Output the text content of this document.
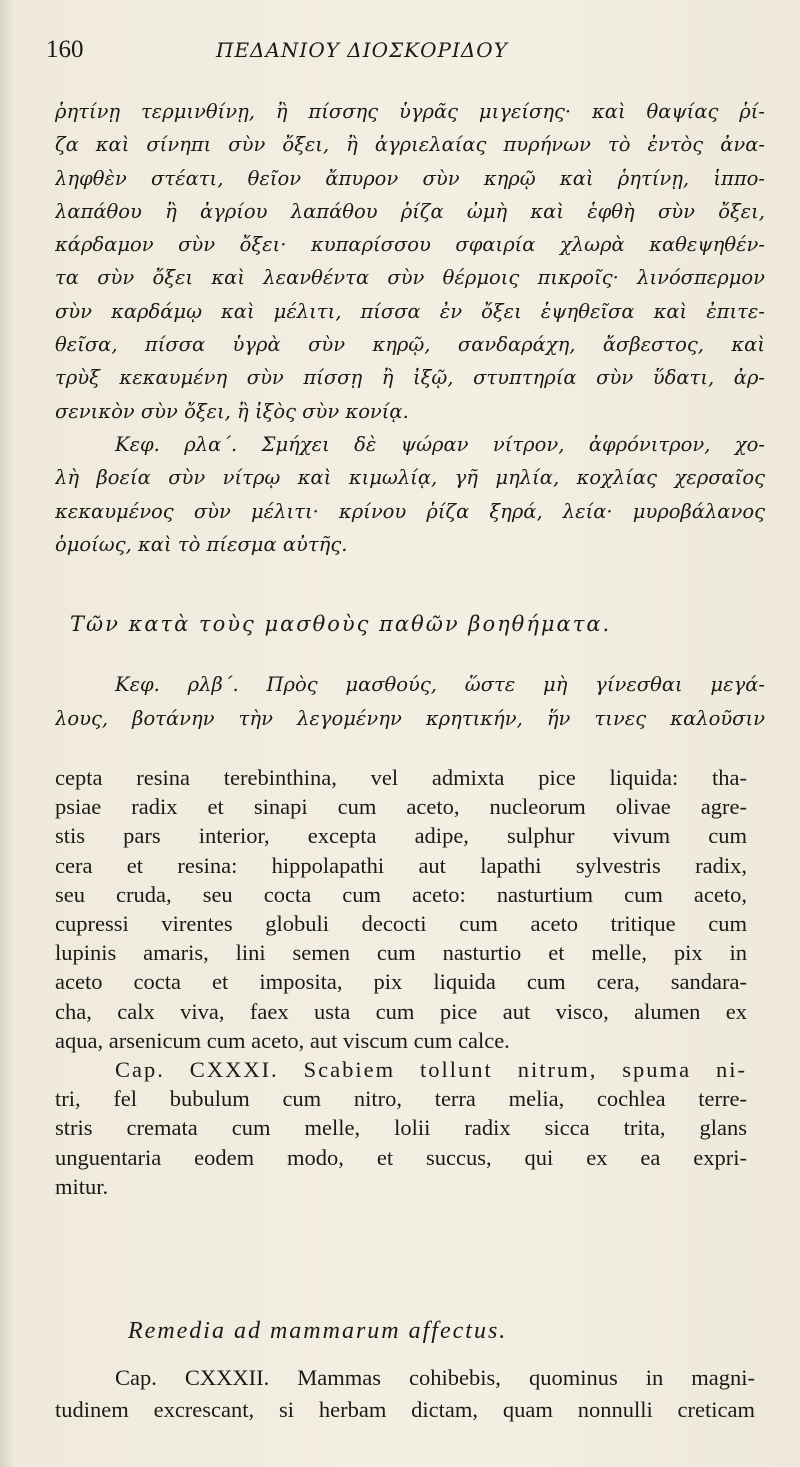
160	ΠΕΔΑΝΙΟΥ ΔΙΟΣΚΟΡΙΔΟΥ
ῥητίνῃ τερμινθίνῃ, ἢ πίσσης ὑγρᾶς μιγείσης· καὶ θαψίας ῥί-
ζα καὶ σίνηπι σὺν ὄξει, ἢ ἀγριελαίας πυρήνων τὸ ἐντὸς ἀνα-
ληφθὲν στέατι, θεῖον ἄπυρον σὺν κηρῷ καὶ ῥητίνῃ, ἱππο-
λαπάθου ἢ ἀγρίου λαπάθου ῥίζα ὠμὴ καὶ ἑφθὴ σὺν ὄξει,
κάρδαμον σὺν ὄξει· κυπαρίσσου σφαιρία χλωρὰ καθεψηθέν-
τα σὺν ὄξει καὶ λεανθέντα σὺν θέρμοις πικροῖς· λινόσπερμον
σὺν καρδάμῳ καὶ μέλιτι, πίσσα ἐν ὄξει ἑψηθεῖσα καὶ ἐπιτε-
θεῖσα, πίσσα ὑγρὰ σὺν κηρῷ, σανδαράχη, ἄσβεστος, καὶ
τρὺξ κεκαυμένη σὺν πίσσῃ ἢ ἰξῷ, στυπτηρία σὺν ὕδατι, ἀρ-
σενικὸν σὺν ὄξει, ἢ ἰξὸς σὺν κονίᾳ.
Κεφ. ρλα΄. Σμήχει δὲ ψώραν νίτρον, ἀφρόνιτρον, χο-
λὴ βοεία σὺν νίτρῳ καὶ κιμωλίᾳ, γῆ μηλία, κοχλίας χερσαῖος
κεκαυμένος σὺν μέλιτι· κρίνου ῥίζα ξηρά, λεία· μυροβάλανος
ὁμοίως, καὶ τὸ πίεσμα αὐτῆς.
Τῶν κατὰ τοὺς μασθοὺς παθῶν βοηθήματα.
Κεφ. ρλβ΄. Πρὸς μασθούς, ὥστε μὴ γίνεσθαι μεγά-
λους, βοτάνην τὴν λεγομένην κρητικήν, ἥν τινες καλοῦσιν
cepta resina terebinthina, vel admixta pice liquida: tha-
psiae radix et sinapi cum aceto, nucleorum olivae agre-
stis pars interior, excepta adipe, sulphur vivum cum
cera et resina: hippolapathi aut lapathi sylvestris radix,
seu cruda, seu cocta cum aceto: nasturtium cum aceto,
cupressi virentes globuli decocti cum aceto tritique cum
lupinis amaris, lini semen cum nasturtio et melle, pix in
aceto cocta et imposita, pix liquida cum cera, sandara-
cha, calx viva, faex usta cum pice aut visco, alumen ex
aqua, arsenicum cum aceto, aut viscum cum calce.
Cap. CXXXI. Scabiem tollunt nitrum, spuma ni-
tri, fel bubulum cum nitro, terra melia, cochlea terre-
stris cremata cum melle, lolii radix sicca trita, glans
unguentaria eodem modo, et succus, qui ex ea expri-
mitur.
Remedia ad mammarum affectus.
Cap. CXXXII. Mammas cohibebis, quominus in magni-
tudinem excrescant, si herbam dictam, quam nonnulli creticam
